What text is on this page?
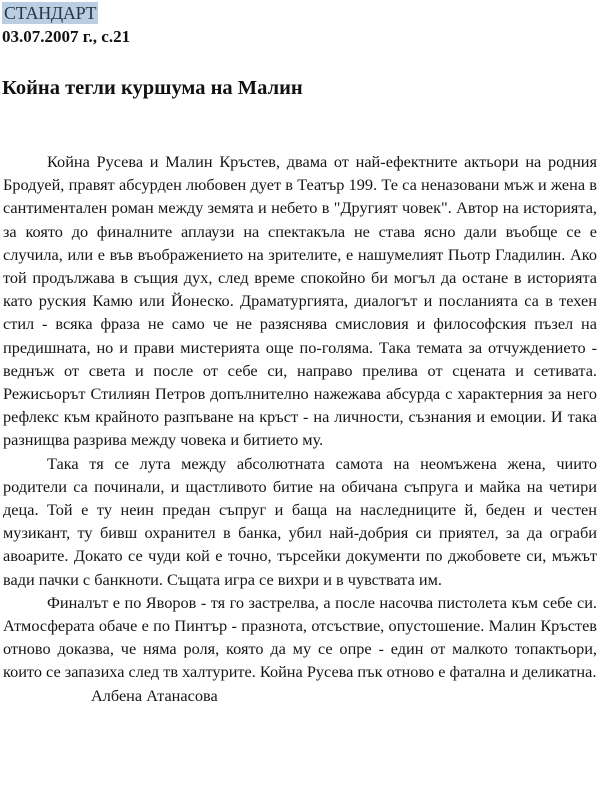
СТАНДАРТ
03.07.2007 г., с.21
Койна тегли куршума на Малин

Койна Русева и Малин Кръстев, двама от най-ефектните актьори на родния Бродуей, правят абсурден любовен дует в Театър 199. Те са неназовани мъж и жена в сантиментален роман между земята и небето в "Другият човек". Автор на историята, за която до финалните аплаузи на спектакъла не става ясно дали въобще се е случила, или е във въображението на зрителите, е нашумелият Пьотр Гладилин. Ако той продължава в същия дух, след време спокойно би могъл да остане в историята като руския Камю или Йонеско. Драматургията, диалогът и посланията са в техен стил - всяка фраза не само че не разяснява смисловия и философския пъзел на предишната, но и прави мистерията още по-голяма. Така темата за отчуждението - веднъж от света и после от себе си, направо прелива от сцената и сетивата. Режисьорът Стилиян Петров допълнително нажежава абсурда с характерния за него рефлекс към крайното разпъване на кръст - на личности, съзнания и емоции. И така разнищва разрива между човека и битието му.

Така тя се лута между абсолютната самота на неомъжена жена, чиито родители са починали, и щастливото битие на обичана съпруга и майка на четири деца. Той е ту неин предан съпруг и баща на наследниците й, беден и честен музикант, ту бивш охранител в банка, убил най-добрия си приятел, за да ограби авоарите. Докато се чуди кой е точно, търсейки документи по джобовете си, мъжът вади пачки с банкноти. Същата игра се вихри и в чувствата им.

Финалът е по Яворов - тя го застрелва, а после насочва пистолета към себе си. Атмосферата обаче е по Пинтър - празнота, отсъствие, опустошение. Малин Кръстев отново доказва, че няма роля, която да му се опре - един от малкото топактьори, които се запазиха след тв халтурите. Койна Русева пък отново е фатална и деликатна.

Албена Атанасова
